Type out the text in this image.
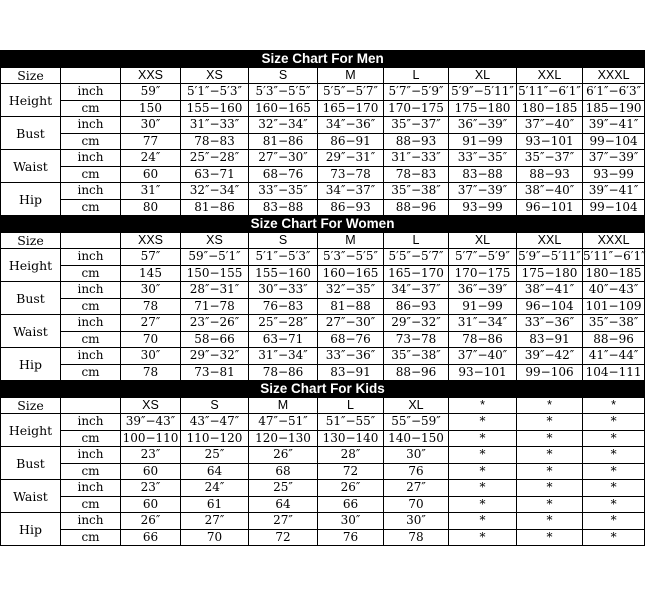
Size Chart For Men									
Size		XXS	XS	S	M	L	XL	XXL	XXXL
Height	inch	59″	5′1″−5′3″	5′3″−5′5″	5′5″−5′7″	5′7″−5′9″	5′9″−5′11″	5′11″−6′1″	6′1″−6′3″
	cm	150	155−160	160−165	165−170	170−175	175−180	180−185	185−190
Bust	inch	30″	31″−33″	32″−34″	34″−36″	35″−37″	36″−39″	37″−40″	39″−41″
	cm	77	78−83	81−86	86−91	88−93	91−99	93−101	99−104
Waist	inch	24″	25″−28″	27″−30″	29″−31″	31″−33″	33″−35″	35″−37″	37″−39″
	cm	60	63−71	68−76	73−78	78−83	83−88	88−93	93−99
Hip	inch	31″	32″−34″	33″−35″	34″−37″	35″−38″	37″−39″	38″−40″	39″−41″
	cm	80	81−86	83−88	86−93	88−96	93−99	96−101	99−104
Size Chart For Women									
Size		XXS	XS	S	M	L	XL	XXL	XXXL
Height	inch	57″	59″−5′1″	5′1″−5′3″	5′3″−5′5″	5′5″−5′7″	5′7″−5′9″	5′9″−5′11″	5′11″−6′1″
	cm	145	150−155	155−160	160−165	165−170	170−175	175−180	180−185
Bust	inch	30″	28″−31″	30″−33″	32″−35″	34″−37″	36″−39″	38″−41″	40″−43″
	cm	78	71−78	76−83	81−88	86−93	91−99	96−104	101−109
Waist	inch	27″	23″−26″	25″−28″	27″−30″	29″−32″	31″−34″	33″−36″	35″−38″
	cm	70	58−66	63−71	68−76	73−78	78−86	83−91	88−96
Hip	inch	30″	29″−32″	31″−34″	33″−36″	35″−38″	37″−40″	39″−42″	41″−44″
	cm	78	73−81	78−86	83−91	88−96	93−101	99−106	104−111
Size Chart For Kids									
Size		XS	S	M	L	XL	*	*	*
Height	inch	39″−43″	43″−47″	47″−51″	51″−55″	55″−59″	*	*	*
	cm	100−110	110−120	120−130	130−140	140−150	*	*	*
Bust	inch	23″	25″	26″	28″	30″	*	*	*
	cm	60	64	68	72	76	*	*	*
Waist	inch	23″	24″	25″	26″	27″	*	*	*
	cm	60	61	64	66	70	*	*	*
Hip	inch	26″	27″	27″	30″	30″	*	*	*
	cm	66	70	72	76	78	*	*	*
